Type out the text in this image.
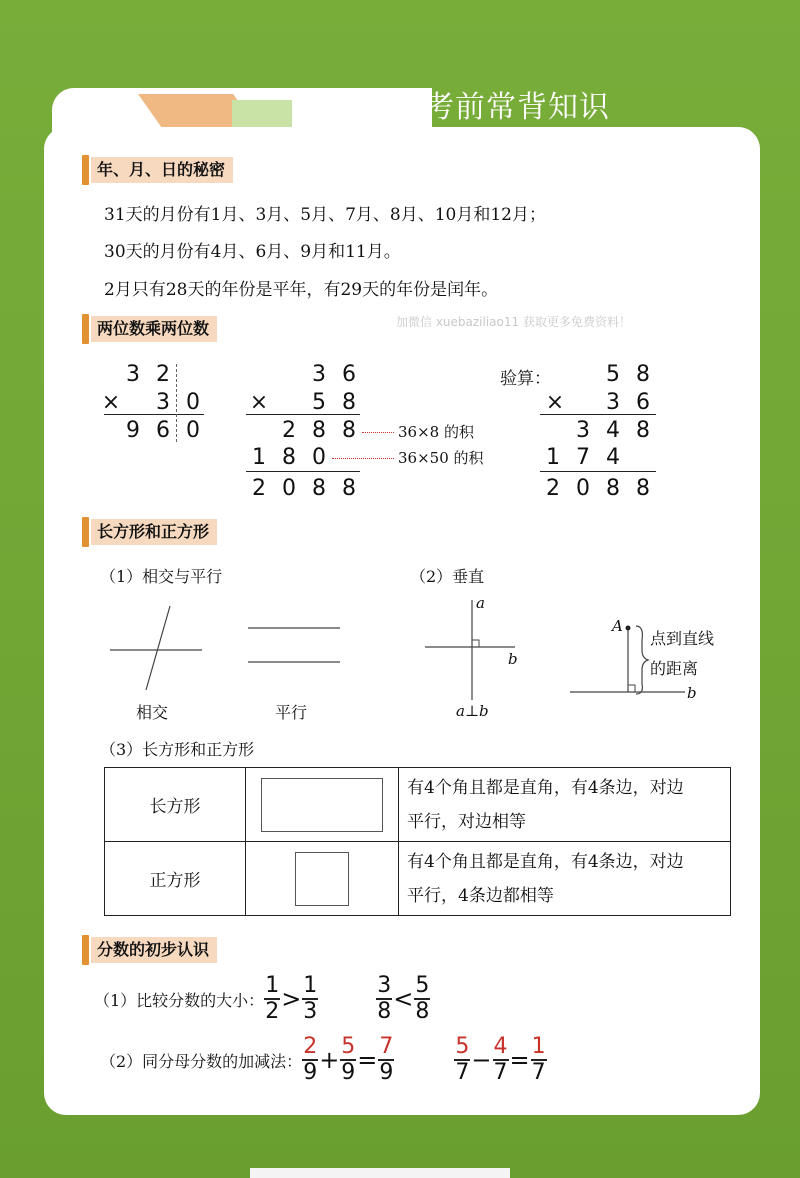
小学数学考前常背知识
年、月、日的秘密
31天的月份有1月、3月、5月、7月、8月、10月和12月；
30天的月份有4月、6月、9月和11月。
2月只有28天的年份是平年，有29天的年份是闰年。
两位数乘两位数	加微信 xuebaziliao11 获取更多免费资料！
3 2
× 3 0
9 6 0
3 6
× 5 8
2 8 8
1 8 0
2 0 8 8
36×8 的积
36×50 的积
验算：	5 8
× 3 6
3 4 8
1 7 4
2 0 8 8
长方形和正方形
（1）相交与平行	（2）垂直
相交	平行
a
b
a⊥b
A
b
点到直线
的距离
（3）长方形和正方形
长方形		有4个角且都是直角，有4条边，对边
平行，对边相等

正方形		有4个角且都是直角，有4条边，对边
平行，4条边都相等
分数的初步认识
（1）比较分数的大小： $\frac{1}{2} > \frac{1}{3}$	$\frac{3}{8} < \frac{5}{8}$
（2）同分母分数的加减法： $\frac{2}{9} + \frac{5}{9} = \frac{7}{9}$	$\frac{5}{7} - \frac{4}{7} = \frac{1}{7}$
